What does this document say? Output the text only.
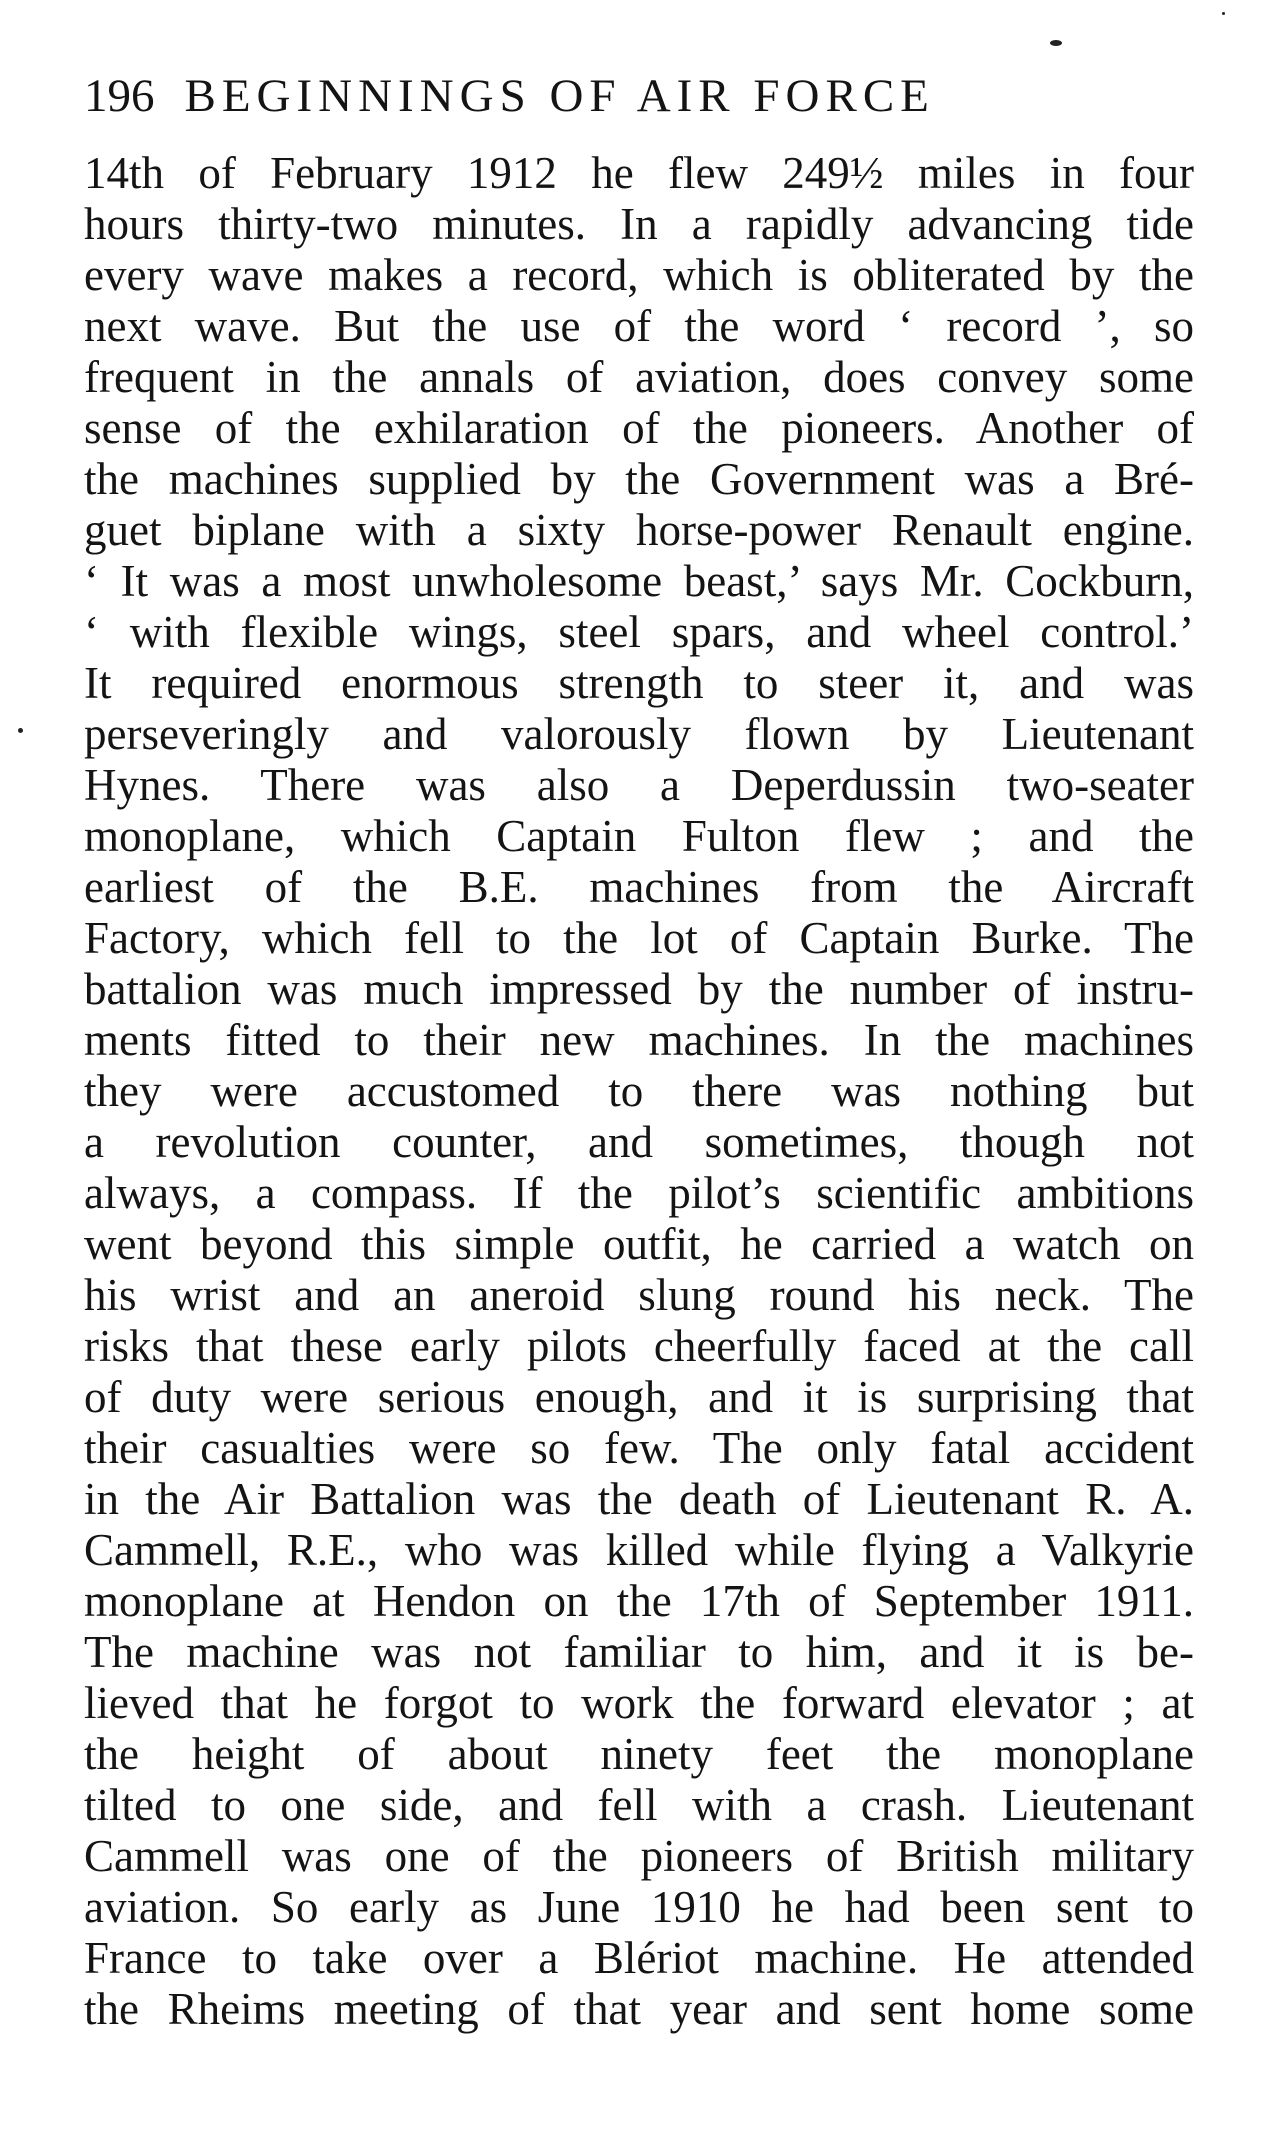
196 BEGINNINGS OF AIR FORCE
14th of February 1912 he flew 249½ miles in four
hours thirty-two minutes. In a rapidly advancing tide
every wave makes a record, which is obliterated by the
next wave. But the use of the word ‘ record ’, so
frequent in the annals of aviation, does convey some
sense of the exhilaration of the pioneers. Another of
the machines supplied by the Government was a Bré-
guet biplane with a sixty horse-power Renault engine.
‘ It was a most unwholesome beast,’ says Mr. Cockburn,
‘ with flexible wings, steel spars, and wheel control.’
It required enormous strength to steer it, and was
perseveringly and valorously flown by Lieutenant
Hynes. There was also a Deperdussin two-seater
monoplane, which Captain Fulton flew ; and the
earliest of the B.E. machines from the Aircraft
Factory, which fell to the lot of Captain Burke. The
battalion was much impressed by the number of instru-
ments fitted to their new machines. In the machines
they were accustomed to there was nothing but
a revolution counter, and sometimes, though not
always, a compass. If the pilot’s scientific ambitions
went beyond this simple outfit, he carried a watch on
his wrist and an aneroid slung round his neck. The
risks that these early pilots cheerfully faced at the call
of duty were serious enough, and it is surprising that
their casualties were so few. The only fatal accident
in the Air Battalion was the death of Lieutenant R. A.
Cammell, R.E., who was killed while flying a Valkyrie
monoplane at Hendon on the 17th of September 1911.
The machine was not familiar to him, and it is be-
lieved that he forgot to work the forward elevator ; at
the height of about ninety feet the monoplane
tilted to one side, and fell with a crash. Lieutenant
Cammell was one of the pioneers of British military
aviation. So early as June 1910 he had been sent to
France to take over a Blériot machine. He attended
the Rheims meeting of that year and sent home some
